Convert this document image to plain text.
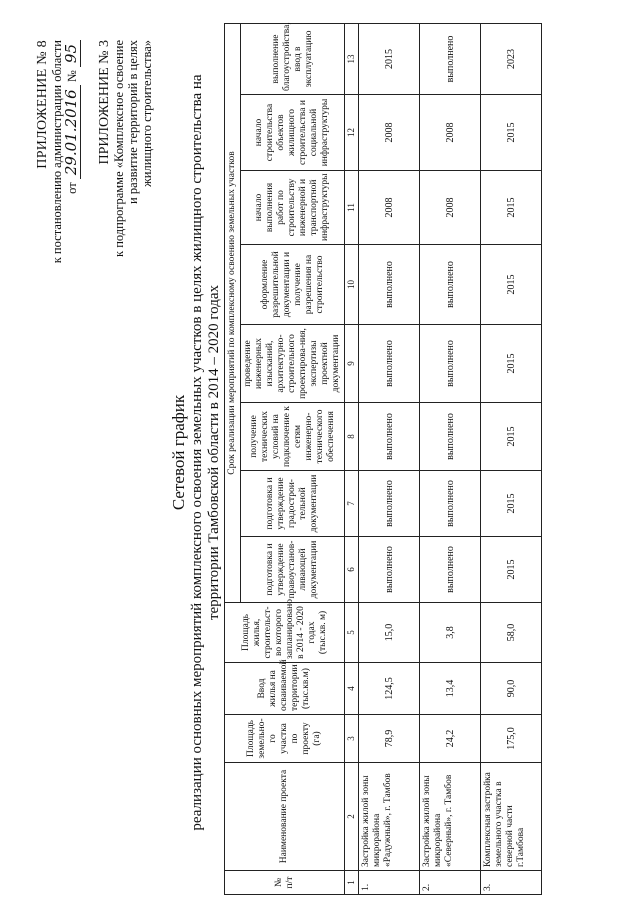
ПРИЛОЖЕНИЕ № 8 к постановлению администрации области от 29.01.2016 № 95 ПРИЛОЖЕНИЕ № 3 к подпрограмме «Комплексное освоение и развитие территорий в целях жилищного строительства»
Сетевой график реализации основных мероприятий комплексного освоения земельных участков в целях жилищного строительства на территории Тамбовской области в 2014 – 2020 годах
№ п/т	Наименование проекта	Площадь земельно-го участка по проекту (га)	Ввод жилья на осваиваемой территории (тыс.кв.м)	Площадь жилья, строительст-во которого запланировано в 2014 - 2020 годах (тыс.кв. м)	Срок реализации мероприятий по комплексному освоению земельных участков							
					подготовка и утверждение правоустанов-ливающей документации	подготовка и утверждение градострои-тельной документации	получение технических условий на подключение к сетям инженерно-технического обеспечения	проведение инженерных изысканий, архитектурно-строительного проектирова-ния, экспертизы проектной документации	оформление разрешительной документации и получение разрешения на строительство	начало выполнения работ по строительству инженерной и транспортной инфраструктуры	начало строительства объектов жилищного строительства и социальной инфраструктуры	выполнение благоустройства, ввод в эксплуатацию
1	2	3	4	5	6	7	8	9	10	11	12	13
1.	Застройка жилой зоны микрорайона «Радужный», г. Тамбов	78,9	124,5	15,0	выполнено	выполнено	выполнено	выполнено	выполнено	2008	2008	2015
2.	Застройка жилой зоны микрорайона «Северный», г. Тамбов	24,2	13,4	3,8	выполнено	выполнено	выполнено	выполнено	выполнено	2008	2008	выполнено
3.	Комплексная застройка земельного участка в северной части г.Тамбова	175,0	90,0	58,0	2015	2015	2015	2015	2015	2015	2015	2023
